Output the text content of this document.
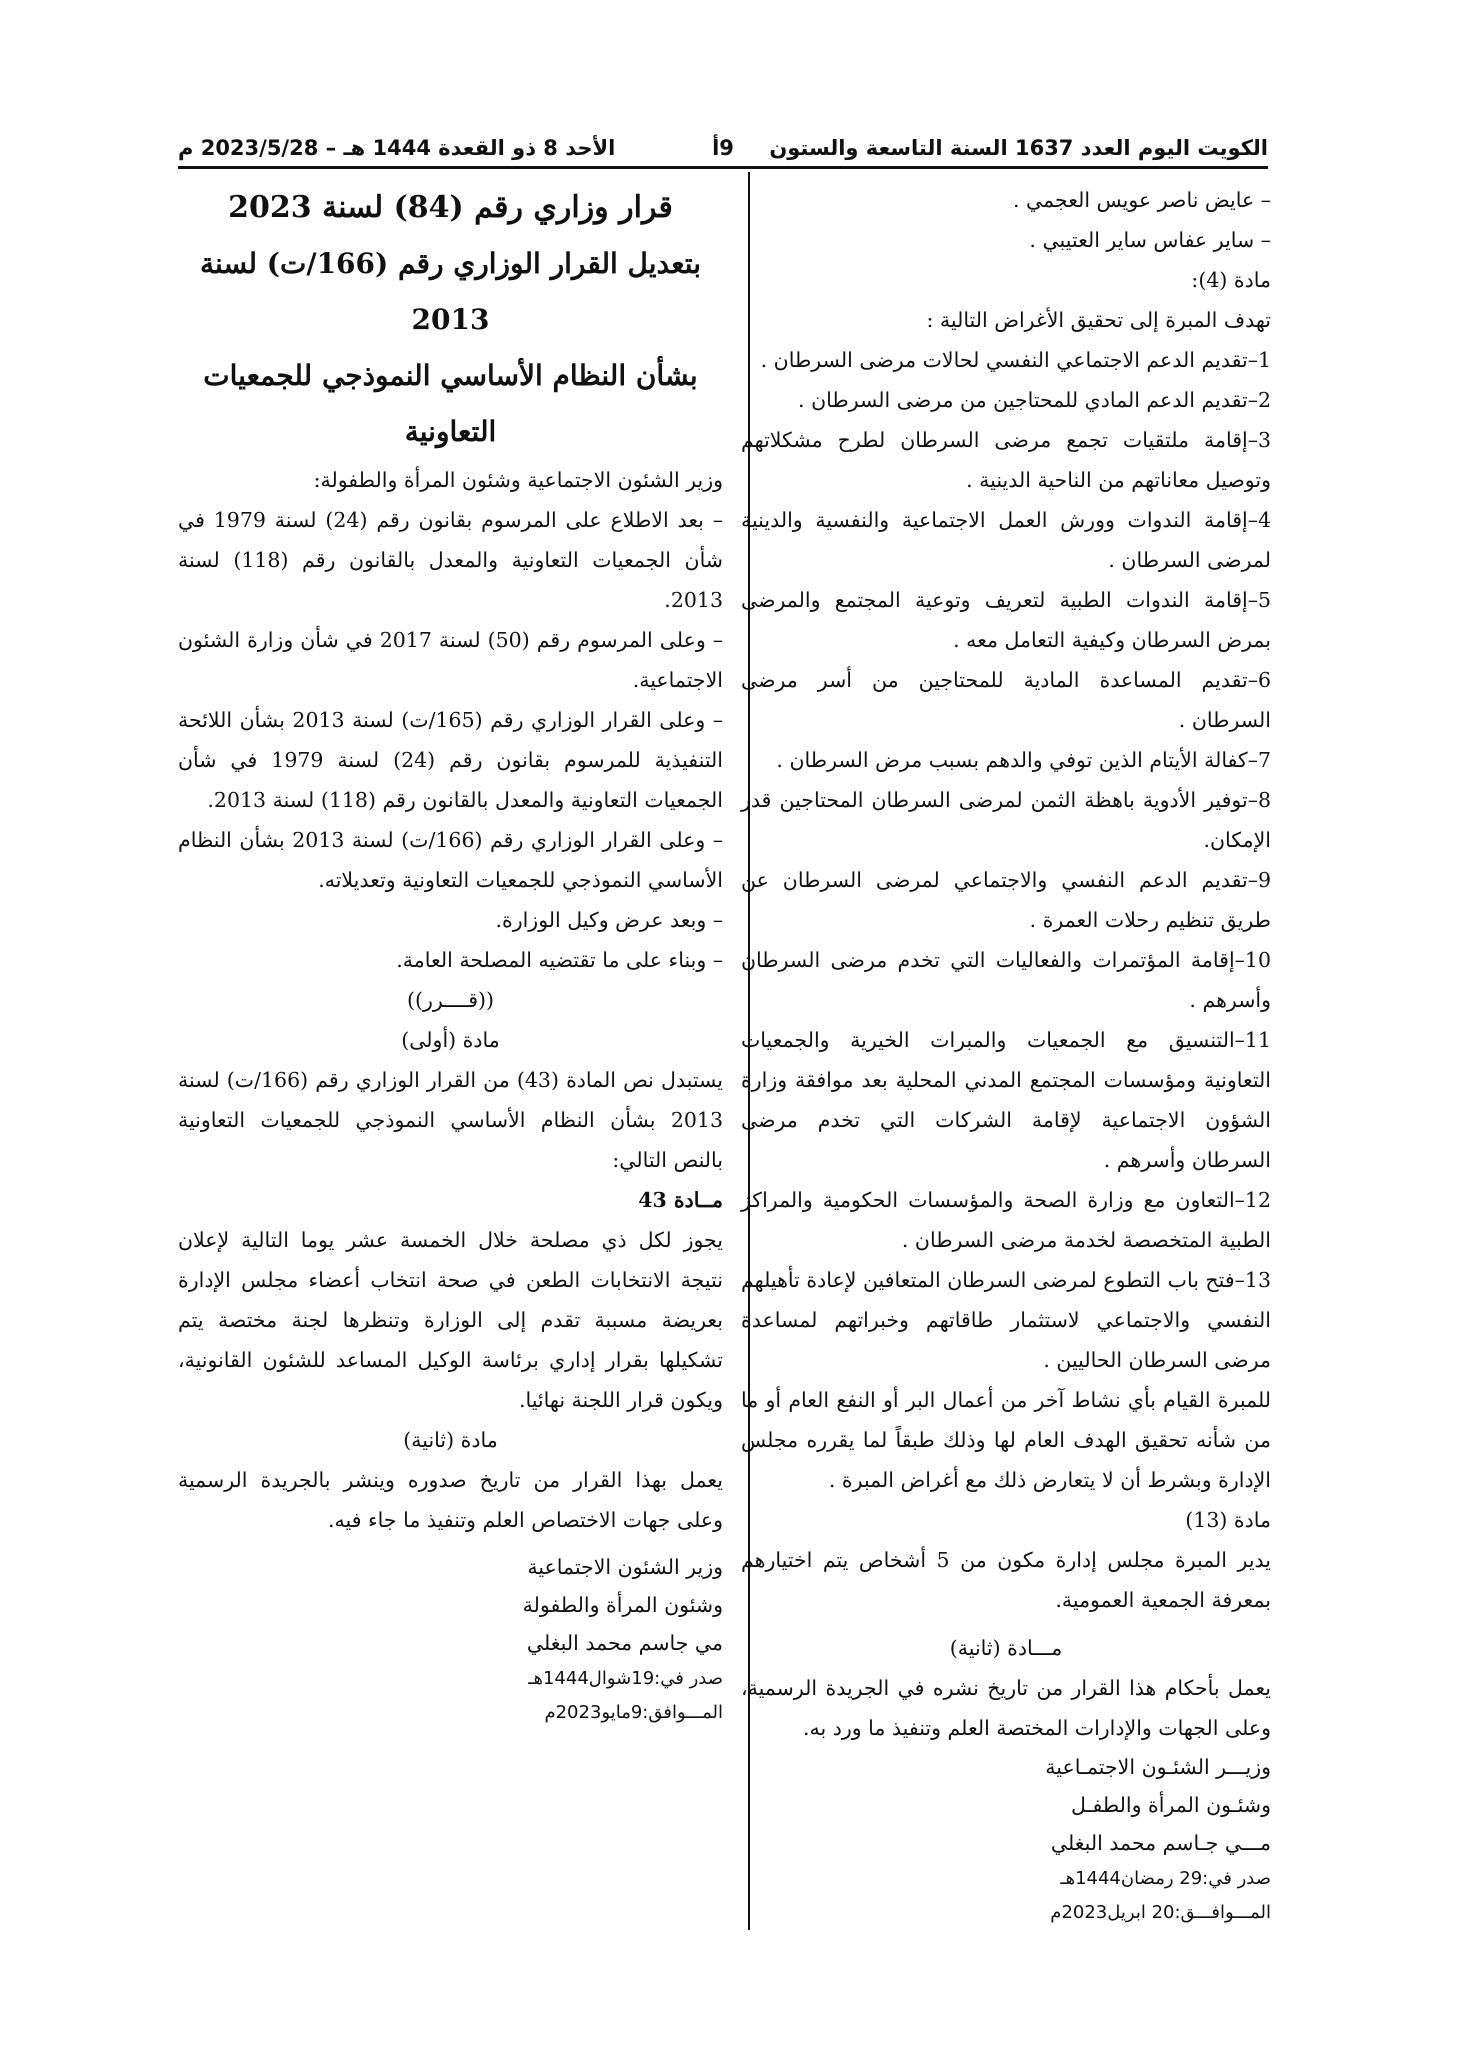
الكويت اليوم العدد 1637 السنة التاسعة والستون
9أ
الأحد 8 ذو القعدة 1444 هـ – 2023/5/28 م

– عايض ناصر عويس العجمي .

– ساير عفاس ساير العتيبي .

مادة (4):

تهدف المبرة إلى تحقيق الأغراض التالية :

1–تقديم الدعم الاجتماعي النفسي لحالات مرضى السرطان .

2–تقديم الدعم المادي للمحتاجين من مرضى السرطان .

3–إقامة ملتقيات تجمع مرضى السرطان لطرح مشكلاتهم وتوصيل معاناتهم من الناحية الدينية .

4–إقامة الندوات وورش العمل الاجتماعية والنفسية والدينية لمرضى السرطان .

5–إقامة الندوات الطبية لتعريف وتوعية المجتمع والمرضى بمرض السرطان وكيفية التعامل معه .

6–تقديم المساعدة المادية للمحتاجين من أسر مرضى السرطان .

7–كفالة الأيتام الذين توفي والدهم بسبب مرض السرطان .

8–توفير الأدوية باهظة الثمن لمرضى السرطان المحتاجين قدر الإمكان.

9–تقديم الدعم النفسي والاجتماعي لمرضى السرطان عن طريق تنظيم رحلات العمرة .

10–إقامة المؤتمرات والفعاليات التي تخدم مرضى السرطان وأسرهم .

11–التنسيق مع الجمعيات والمبرات الخيرية والجمعيات التعاونية ومؤسسات المجتمع المدني المحلية بعد موافقة وزارة الشؤون الاجتماعية لإقامة الشركات التي تخدم مرضى السرطان وأسرهم .

12–التعاون مع وزارة الصحة والمؤسسات الحكومية والمراكز الطبية المتخصصة لخدمة مرضى السرطان .

13–فتح باب التطوع لمرضى السرطان المتعافين لإعادة تأهيلهم النفسي والاجتماعي لاستثمار طاقاتهم وخبراتهم لمساعدة مرضى السرطان الحاليين .

للمبرة القيام بأي نشاط آخر من أعمال البر أو النفع العام أو ما من شأنه تحقيق الهدف العام لها وذلك طبقاً لما يقرره مجلس الإدارة وبشرط أن لا يتعارض ذلك مع أغراض المبرة .

مادة (13)

يدير المبرة مجلس إدارة مكون من 5 أشخاص يتم اختيارهم بمعرفة الجمعية العمومية.

مـــادة (ثانية)

يعمل بأحكام هذا القرار من تاريخ نشره في الجريدة الرسمية، وعلى الجهات والإدارات المختصة العلم وتنفيذ ما ورد به.

وزيـــر الشئـون الاجتمـاعية

وشئـون المرأة والطفـل

مـــي جـاسم محمد البغلي

صدر في:29 رمضان1444هـ

المـــوافـــق:20 ابريل2023م

قرار وزاري رقم (84) لسنة 2023

بتعديل القرار الوزاري رقم (166/ت) لسنة 2013

بشأن النظام الأساسي النموذجي للجمعيات التعاونية

وزير الشئون الاجتماعية وشئون المرأة والطفولة:

– بعد الاطلاع على المرسوم بقانون رقم (24) لسنة 1979 في شأن الجمعيات التعاونية والمعدل بالقانون رقم (118) لسنة 2013.

– وعلى المرسوم رقم (50) لسنة 2017 في شأن وزارة الشئون الاجتماعية.

– وعلى القرار الوزاري رقم (165/ت) لسنة 2013 بشأن اللائحة التنفيذية للمرسوم بقانون رقم (24) لسنة 1979 في شأن الجمعيات التعاونية والمعدل بالقانون رقم (118) لسنة 2013.

– وعلى القرار الوزاري رقم (166/ت) لسنة 2013 بشأن النظام الأساسي النموذجي للجمعيات التعاونية وتعديلاته.

– وبعد عرض وكيل الوزارة.

– وبناء على ما تقتضيه المصلحة العامة.

((قــــرر))

مادة (أولى)

يستبدل نص المادة (43) من القرار الوزاري رقم (166/ت) لسنة 2013 بشأن النظام الأساسي النموذجي للجمعيات التعاونية بالنص التالي:

مــادة 43

يجوز لكل ذي مصلحة خلال الخمسة عشر يوما التالية لإعلان نتيجة الانتخابات الطعن في صحة انتخاب أعضاء مجلس الإدارة بعريضة مسببة تقدم إلى الوزارة وتنظرها لجنة مختصة يتم تشكيلها بقرار إداري برئاسة الوكيل المساعد للشئون القانونية، ويكون قرار اللجنة نهائيا.

مادة (ثانية)

يعمل بهذا القرار من تاريخ صدوره وينشر بالجريدة الرسمية وعلى جهات الاختصاص العلم وتنفيذ ما جاء فيه.

وزير الشئون الاجتماعية

وشئون المرأة والطفولة

مي جاسم محمد البغلي

صدر في:19شوال1444هـ

المـــوافق:9مايو2023م
